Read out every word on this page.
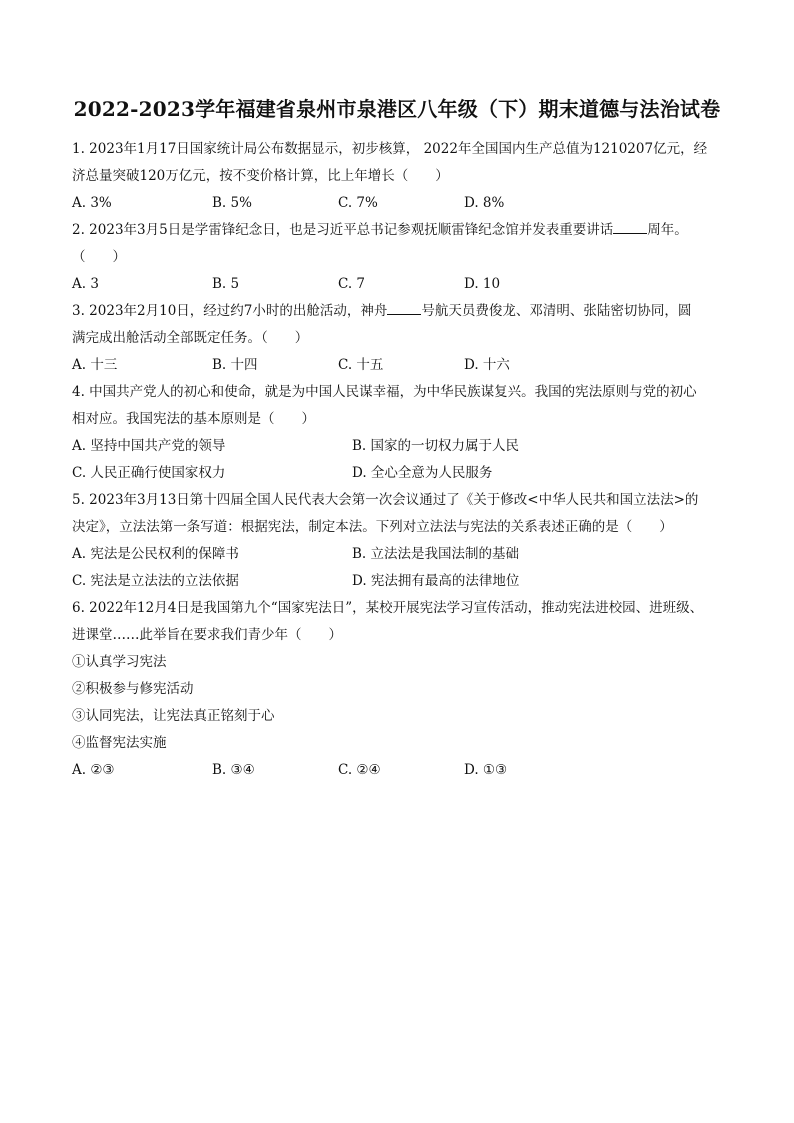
2022-2023学年福建省泉州市泉港区八年级（下）期末道德与法治试卷
1. 2023年1月17日国家统计局公布数据显示，初步核算， 2022年全国国内生产总值为1210207亿元，经
济总量突破120万亿元，按不变价格计算，比上年增长（　　）
A. 3%	B. 5%	C. 7%	D. 8%
2. 2023年3月5日是学雷锋纪念日，也是习近平总书记参观抚顺雷锋纪念馆并发表重要讲话	周年。
（　　）
A. 3	B. 5	C. 7	D. 10
3. 2023年2月10日，经过约7小时的出舱活动，神舟	号航天员费俊龙、邓清明、张陆密切协同，圆
满完成出舱活动全部既定任务。（　　）
A. 十三	B. 十四	C. 十五	D. 十六
4. 中国共产党人的初心和使命，就是为中国人民谋幸福，为中华民族谋复兴。我国的宪法原则与党的初心
相对应。我国宪法的基本原则是（　　）
A. 坚持中国共产党的领导	B. 国家的一切权力属于人民
C. 人民正确行使国家权力	D. 全心全意为人民服务
5. 2023年3月13日第十四届全国人民代表大会第一次会议通过了《关于修改<中华人民共和国立法法>的
决定》，立法法第一条写道：根据宪法，制定本法。下列对立法法与宪法的关系表述正确的是（　　）
A. 宪法是公民权利的保障书	B. 立法法是我国法制的基础
C. 宪法是立法法的立法依据	D. 宪法拥有最高的法律地位
6. 2022年12月4日是我国第九个“国家宪法日”，某校开展宪法学习宣传活动，推动宪法进校园、进班级、
进课堂……此举旨在要求我们青少年（　　）
①认真学习宪法
②积极参与修宪活动
③认同宪法，让宪法真正铭刻于心
④监督宪法实施
A. ②③	B. ③④	C. ②④	D. ①③
